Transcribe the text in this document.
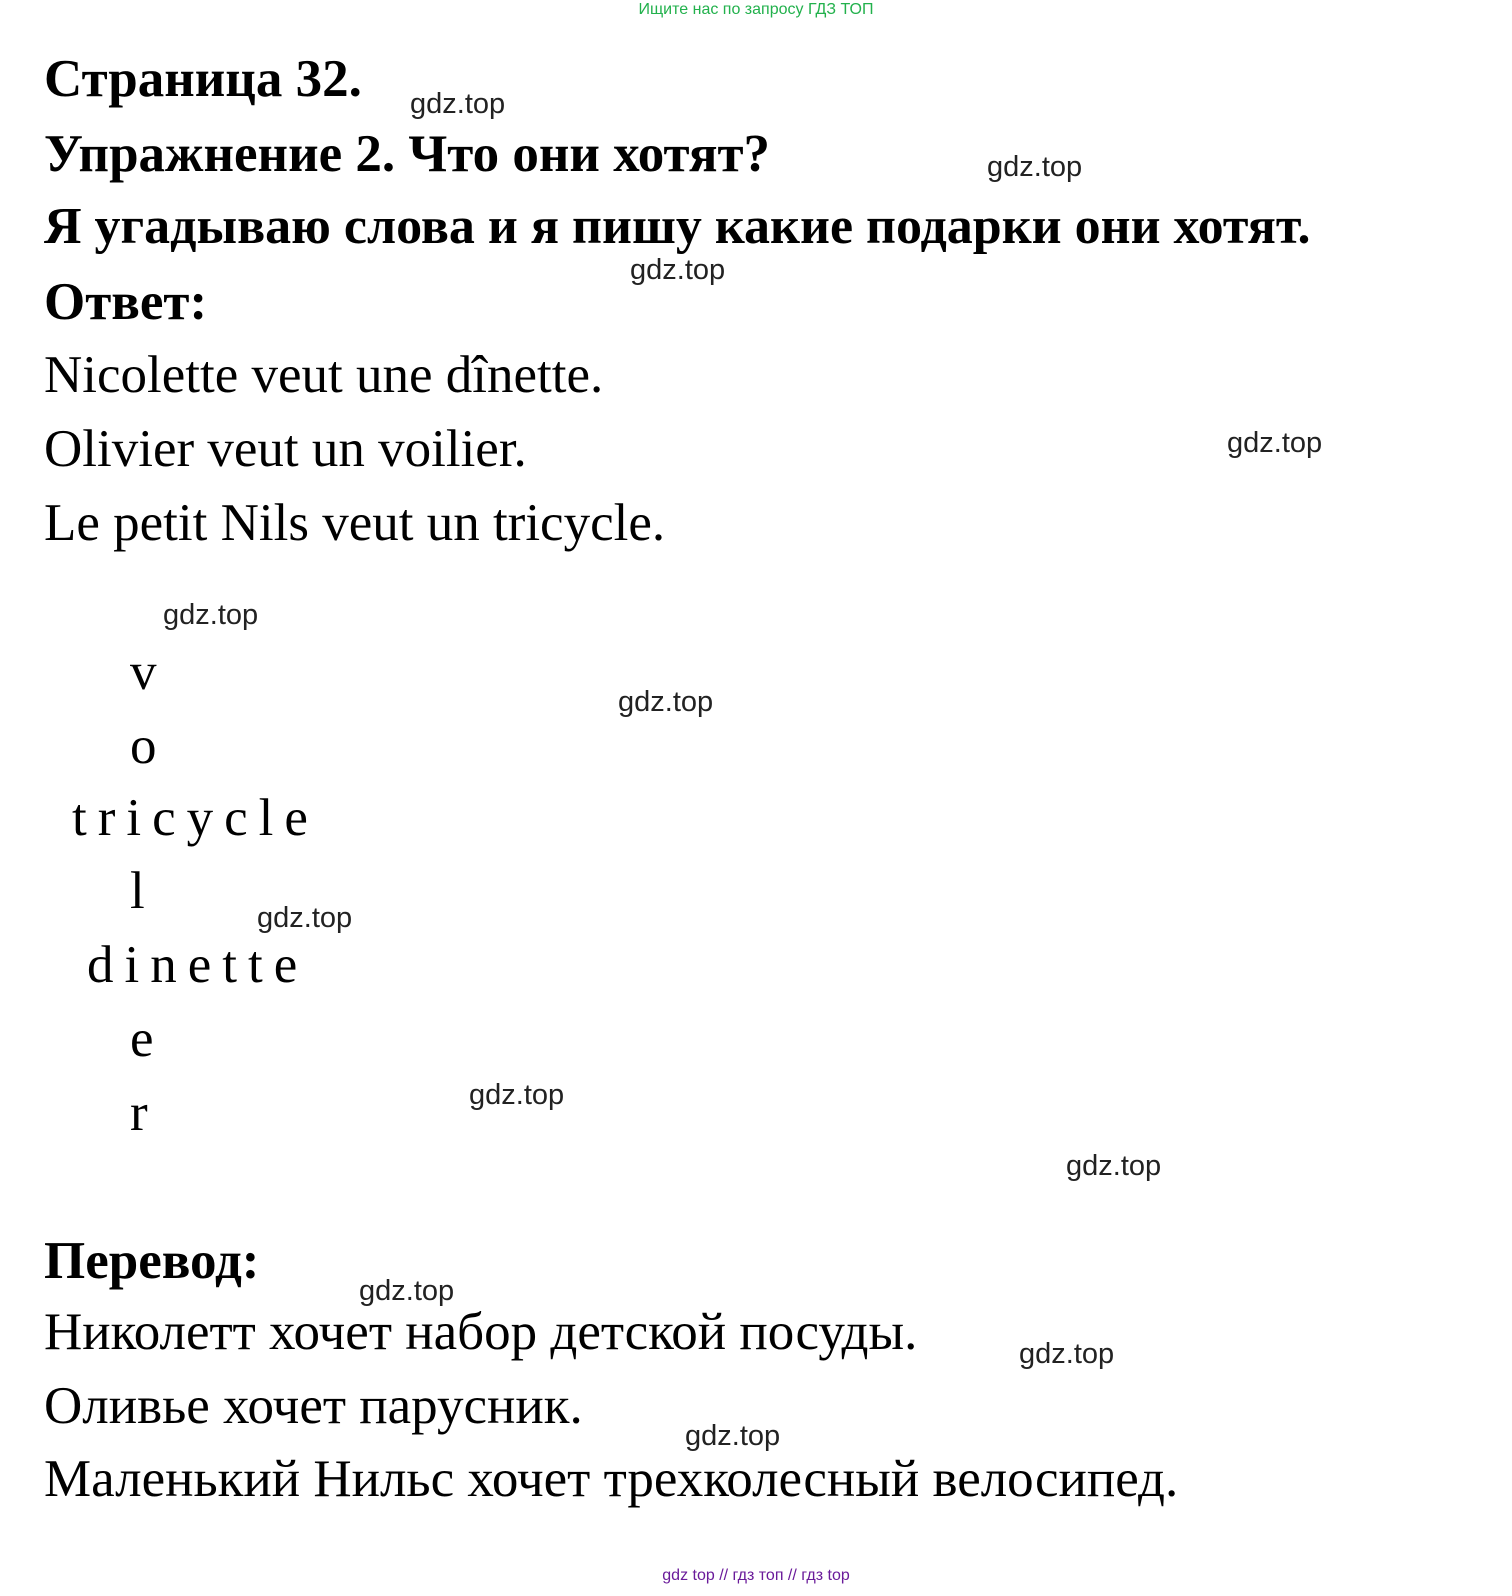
Ищите нас по запросу ГДЗ ТОП
Страница 32. gdz.top
Упражнение 2. Что они хотят?	gdz.top
Я угадываю слова и я пишу какие подарки они хотят.
gdz.top
Ответ:
Nicolette veut une dînette.
Olivier veut un voilier.	gdz.top
Le petit Nils veut un tricycle.
gdz.top
gdz.top
v
o
tricycle
l	gdz.top
dinette
e
r	gdz.top
gdz.top
Перевод:
gdz.top
Николетт хочет набор детской посуды.	gdz.top
Оливье хочет парусник.
gdz.top
Маленький Нильс хочет трехколесный велосипед.
gdz top // гдз топ // гдз top
